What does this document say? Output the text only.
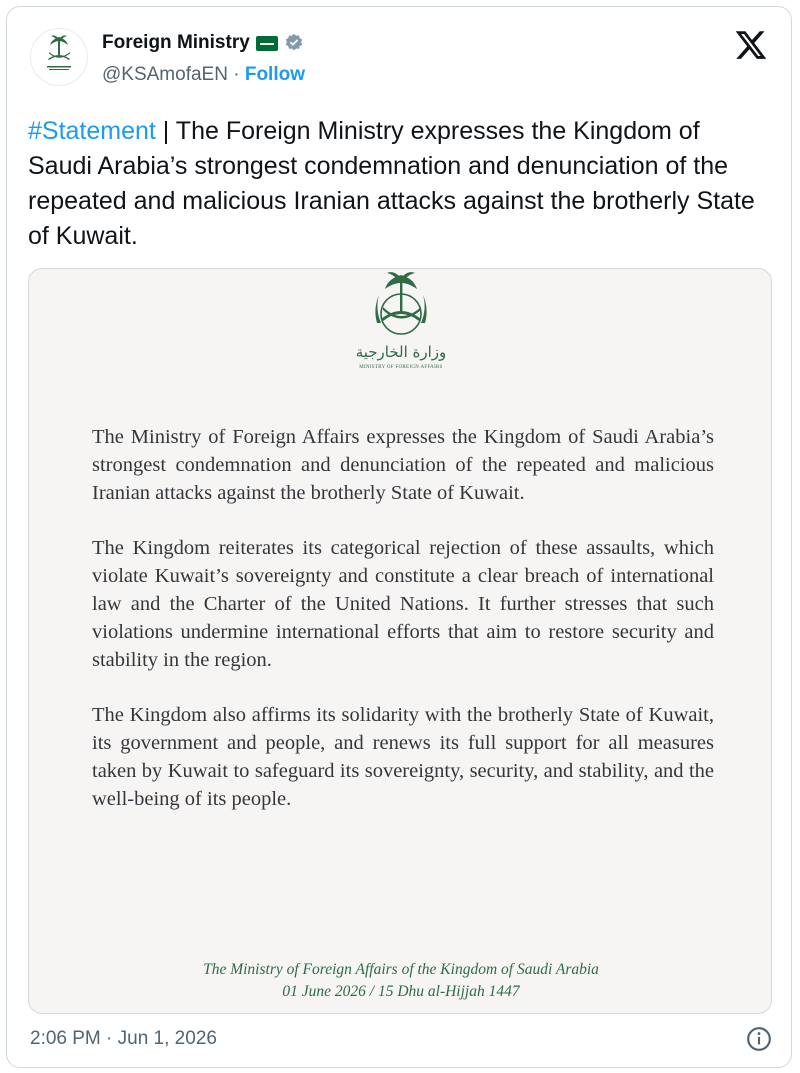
Foreign Ministry
@KSAmofaEN · Follow
#Statement | The Foreign Ministry expresses the Kingdom of Saudi Arabia’s strongest condemnation and denunciation of the repeated and malicious Iranian attacks against the brotherly State of Kuwait.
وزارة الخارجية
MINISTRY OF FOREIGN AFFAIRS

The Ministry of Foreign Affairs expresses the Kingdom of Saudi Arabia’s strongest condemnation and denunciation of the repeated and malicious Iranian attacks against the brotherly State of Kuwait.

The Kingdom reiterates its categorical rejection of these assaults, which violate Kuwait’s sovereignty and constitute a clear breach of international law and the Charter of the United Nations. It further stresses that such violations undermine international efforts that aim to restore security and stability in the region.

The Kingdom also affirms its solidarity with the brotherly State of Kuwait, its government and people, and renews its full support for all measures taken by Kuwait to safeguard its sovereignty, security, and stability, and the well-being of its people.

The Ministry of Foreign Affairs of the Kingdom of Saudi Arabia
01 June 2026 / 15 Dhu al-Hijjah 1447
2:06 PM · Jun 1, 2026
